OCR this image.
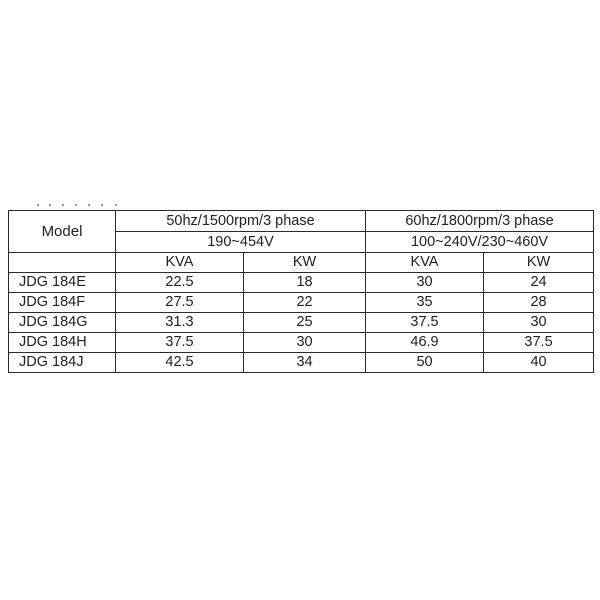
Model	50hz/1500rpm/3 phase		60hz/1800rpm/3 phase	
	190~454V		100~240V/230~460V	
	KVA	KW	KVA	KW
JDG 184E	22.5	18	30	24
JDG 184F	27.5	22	35	28
JDG 184G	31.3	25	37.5	30
JDG 184H	37.5	30	46.9	37.5
JDG 184J	42.5	34	50	40
